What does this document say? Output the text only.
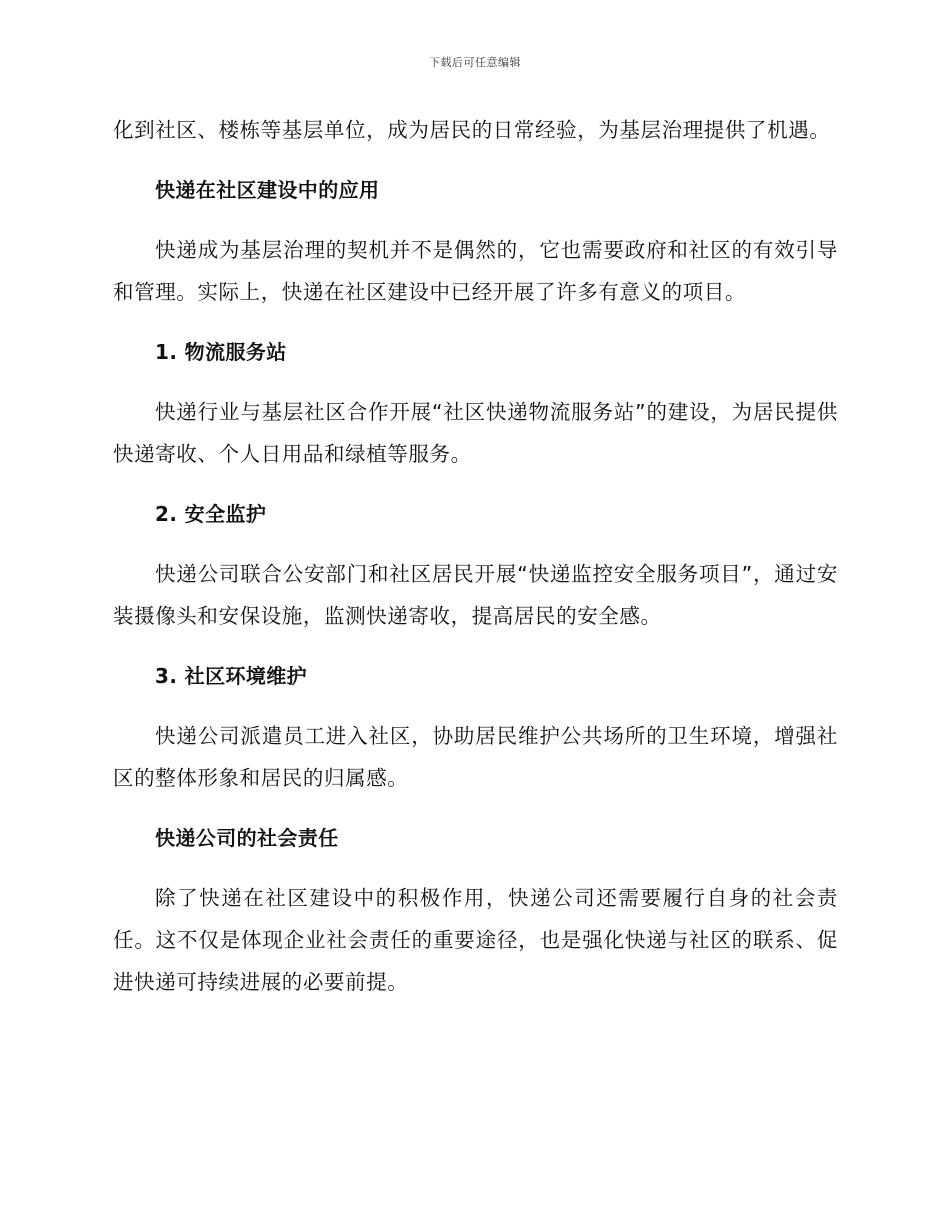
下载后可任意编辑

化到社区、楼栋等基层单位，成为居民的日常经验，为基层治理提供了机遇。

快递在社区建设中的应用

快递成为基层治理的契机并不是偶然的，它也需要政府和社区的有效引导和管理。实际上，快递在社区建设中已经开展了许多有意义的项目。

1. 物流服务站

快递行业与基层社区合作开展“社区快递物流服务站”的建设，为居民提供快递寄收、个人日用品和绿植等服务。

2. 安全监护

快递公司联合公安部门和社区居民开展“快递监控安全服务项目”，通过安装摄像头和安保设施，监测快递寄收，提高居民的安全感。

3. 社区环境维护

快递公司派遣员工进入社区，协助居民维护公共场所的卫生环境，增强社区的整体形象和居民的归属感。

快递公司的社会责任

除了快递在社区建设中的积极作用，快递公司还需要履行自身的社会责任。这不仅是体现企业社会责任的重要途径，也是强化快递与社区的联系、促进快递可持续进展的必要前提。
